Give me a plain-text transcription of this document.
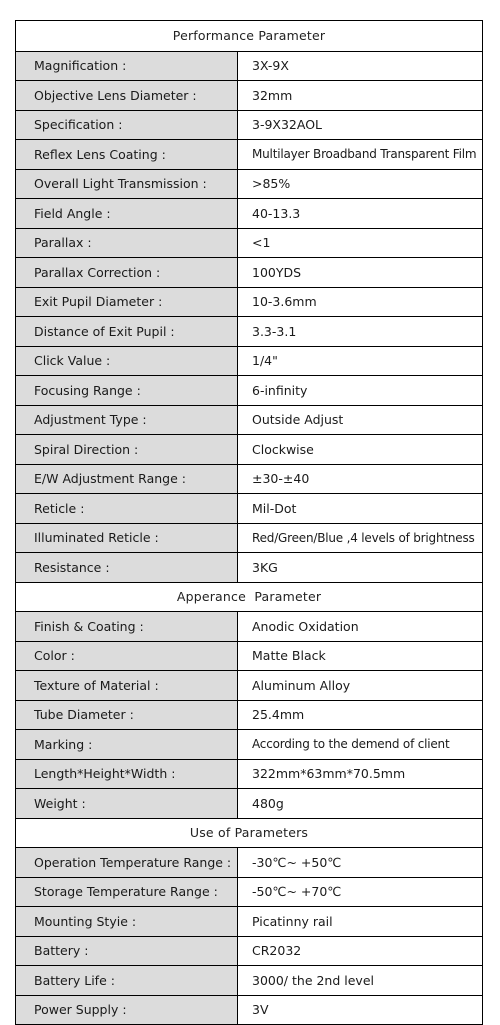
Performance Parameter
Magnification :	3X-9X
Objective Lens Diameter :	32mm
Specification :	3-9X32AOL
Reflex Lens Coating :	Multilayer Broadband Transparent Film
Overall Light Transmission :	>85%
Field Angle :	40-13.3
Parallax :	<1
Parallax Correction :	100YDS
Exit Pupil Diameter :	10-3.6mm
Distance of Exit Pupil :	3.3-3.1
Click Value :	1/4"
Focusing Range :	6-infinity
Adjustment Type :	Outside Adjust
Spiral Direction :	Clockwise
E/W Adjustment Range :	±30-±40
Reticle :	Mil-Dot
Illuminated Reticle :	Red/Green/Blue ,4 levels of brightness
Resistance :	3KG
Apperance  Parameter
Finish & Coating :	Anodic Oxidation
Color :	Matte Black
Texture of Material :	Aluminum Alloy
Tube Diameter :	25.4mm
Marking :	According to the demend of client
Length*Height*Width :	322mm*63mm*70.5mm
Weight :	480g
Use of Parameters
Operation Temperature Range :	-30℃~ +50℃
Storage Temperature Range :	-50℃~ +70℃
Mounting Styie :	Picatinny rail
Battery :	CR2032
Battery Life :	3000/ the 2nd level
Power Supply :	3V
